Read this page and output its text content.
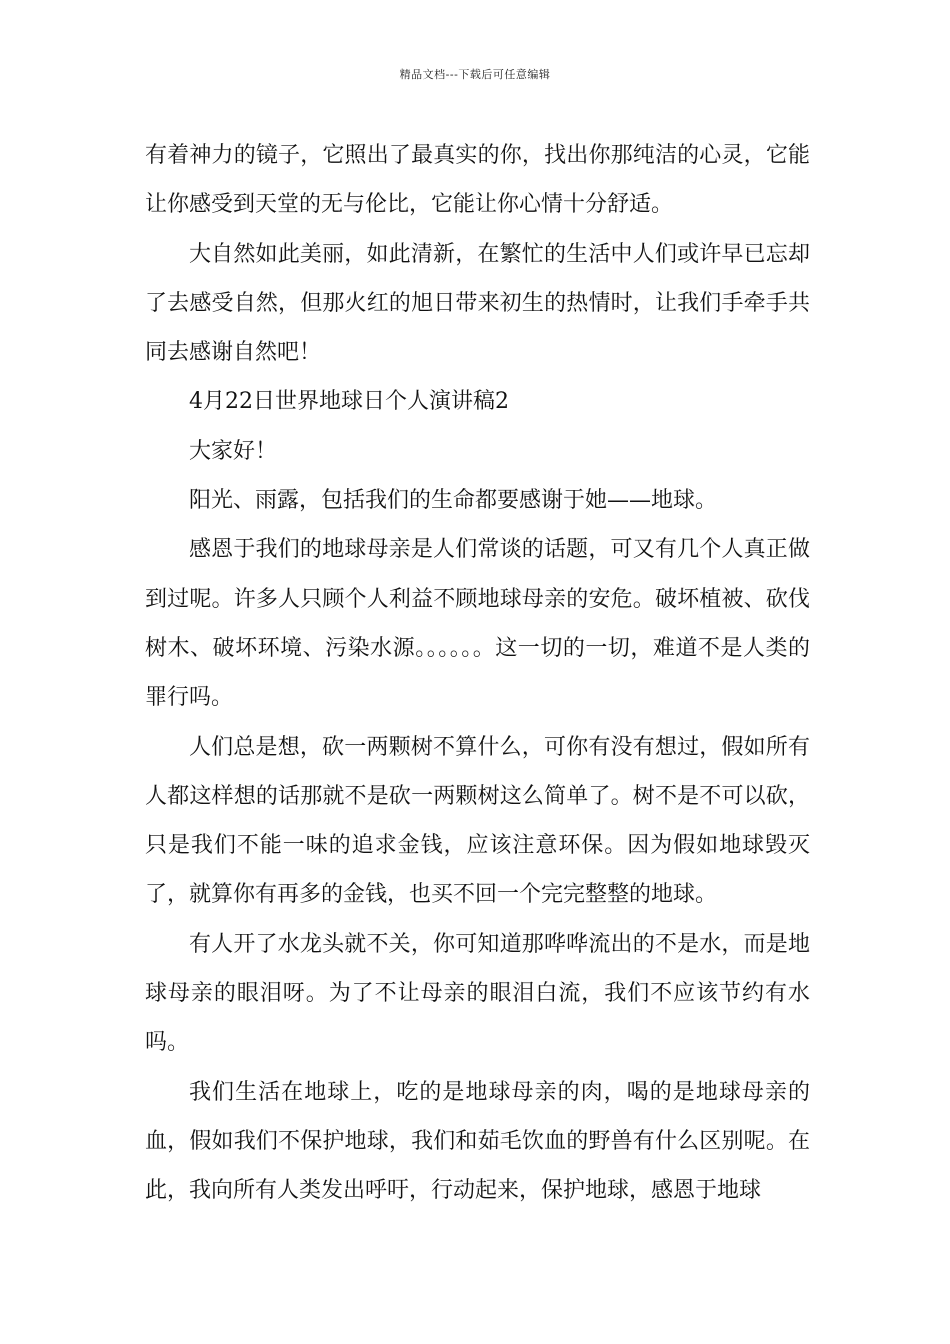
精品文档---下载后可任意编辑

有着神力的镜子，它照出了最真实的你，找出你那纯洁的心灵，它能让你感受到天堂的无与伦比，它能让你心情十分舒适。

大自然如此美丽，如此清新，在繁忙的生活中人们或许早已忘却了去感受自然，但那火红的旭日带来初生的热情时，让我们手牵手共同去感谢自然吧！

4月22日世界地球日个人演讲稿2

大家好！

阳光、雨露，包括我们的生命都要感谢于她——地球。

感恩于我们的地球母亲是人们常谈的话题，可又有几个人真正做到过呢。许多人只顾个人利益不顾地球母亲的安危。破坏植被、砍伐树木、破坏环境、污染水源。。。。。。这一切的一切，难道不是人类的罪行吗。

人们总是想，砍一两颗树不算什么，可你有没有想过，假如所有人都这样想的话那就不是砍一两颗树这么简单了。树不是不可以砍，只是我们不能一味的追求金钱，应该注意环保。因为假如地球毁灭了，就算你有再多的金钱，也买不回一个完完整整的地球。

有人开了水龙头就不关，你可知道那哗哗流出的不是水，而是地球母亲的眼泪呀。为了不让母亲的眼泪白流，我们不应该节约有水吗。

我们生活在地球上，吃的是地球母亲的肉，喝的是地球母亲的血，假如我们不保护地球，我们和茹毛饮血的野兽有什么区别呢。在此，我向所有人类发出呼吁，行动起来，保护地球，感恩于地球
